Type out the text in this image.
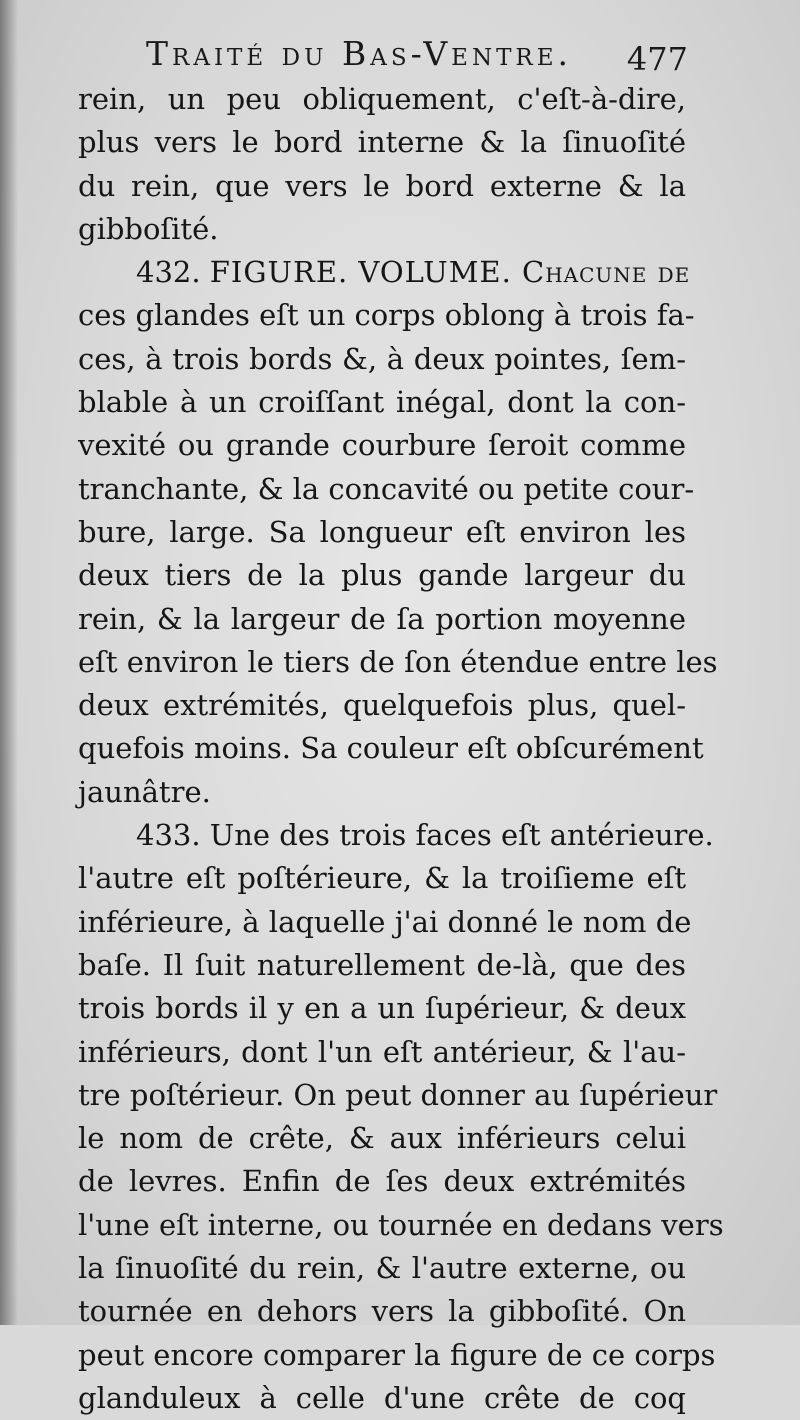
Traité du Bas-Ventre. 477
rein, un peu obliquement, c'eſt-à-dire,
plus vers le bord interne & la ſinuoſité
du rein, que vers le bord externe & la
gibboſité.
432. FIGURE. VOLUME. Chacune de
ces glandes eſt un corps oblong à trois fa-
ces, à trois bords &, à deux pointes, ſem-
blable à un croiſſant inégal, dont la con-
vexité ou grande courbure ſeroit comme
tranchante, & la concavité ou petite cour-
bure, large. Sa longueur eſt environ les
deux tiers de la plus gande largeur du
rein, & la largeur de ſa portion moyenne
eſt environ le tiers de ſon étendue entre les
deux extrémités, quelquefois plus, quel-
quefois moins. Sa couleur eſt obſcurément
jaunâtre.
433. Une des trois faces eſt antérieure.
l'autre eſt poſtérieure, & la troiſieme eſt
inférieure, à laquelle j'ai donné le nom de
baſe. Il ſuit naturellement de-là, que des
trois bords il y en a un ſupérieur, & deux
inférieurs, dont l'un eſt antérieur, & l'au-
tre poſtérieur. On peut donner au ſupérieur
le nom de crête, & aux inférieurs celui
de levres. Enfin de ſes deux extrémités
l'une eſt interne, ou tournée en dedans vers
la ſinuoſité du rein, & l'autre externe, ou
tournée en dehors vers la gibboſité. On
peut encore comparer la figure de ce corps
glanduleux à celle d'une crête de coq
